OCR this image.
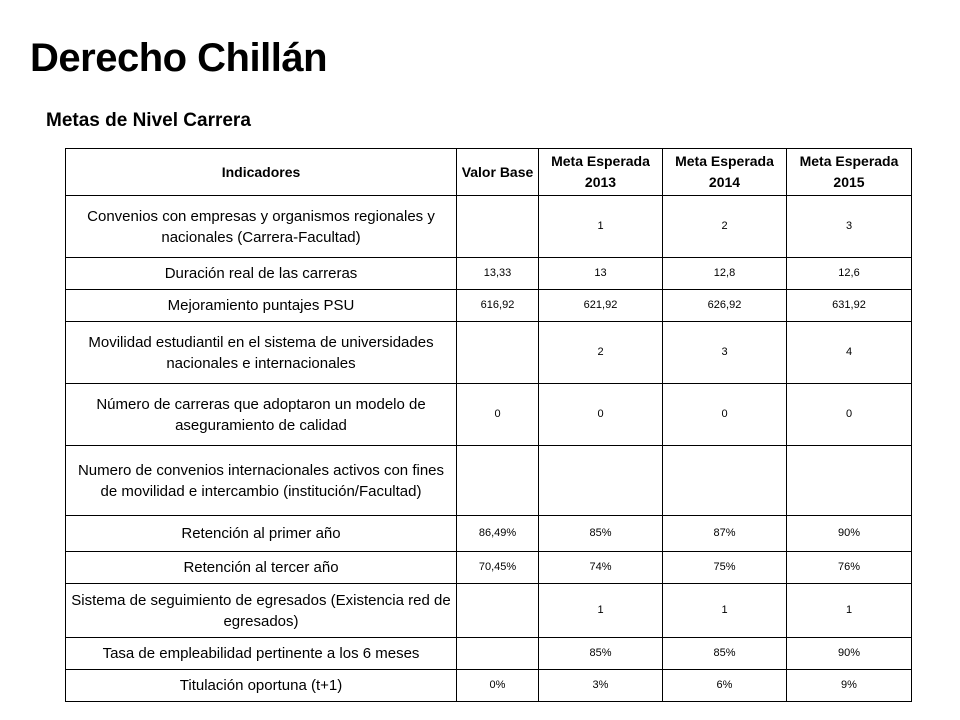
Derecho Chillán
Metas de Nivel Carrera
Indicadores	Valor Base	Meta Esperada 2013	Meta Esperada 2014	Meta Esperada 2015
Convenios con empresas y organismos regionales y nacionales (Carrera-Facultad)		1	2	3
Duración real de las carreras	13,33	13	12,8	12,6
Mejoramiento puntajes PSU	616,92	621,92	626,92	631,92
Movilidad estudiantil en el sistema de universidades nacionales e internacionales		2	3	4
Número de carreras que adoptaron un modelo de aseguramiento de calidad	0	0	0	0
Numero de convenios internacionales activos con fines de movilidad e intercambio (institución/Facultad)				
Retención al primer año	86,49%	85%	87%	90%
Retención al tercer año	70,45%	74%	75%	76%
Sistema de seguimiento de egresados (Existencia red de egresados)		1	1	1
Tasa de empleabilidad pertinente a los 6 meses		85%	85%	90%
Titulación oportuna (t+1)	0%	3%	6%	9%
